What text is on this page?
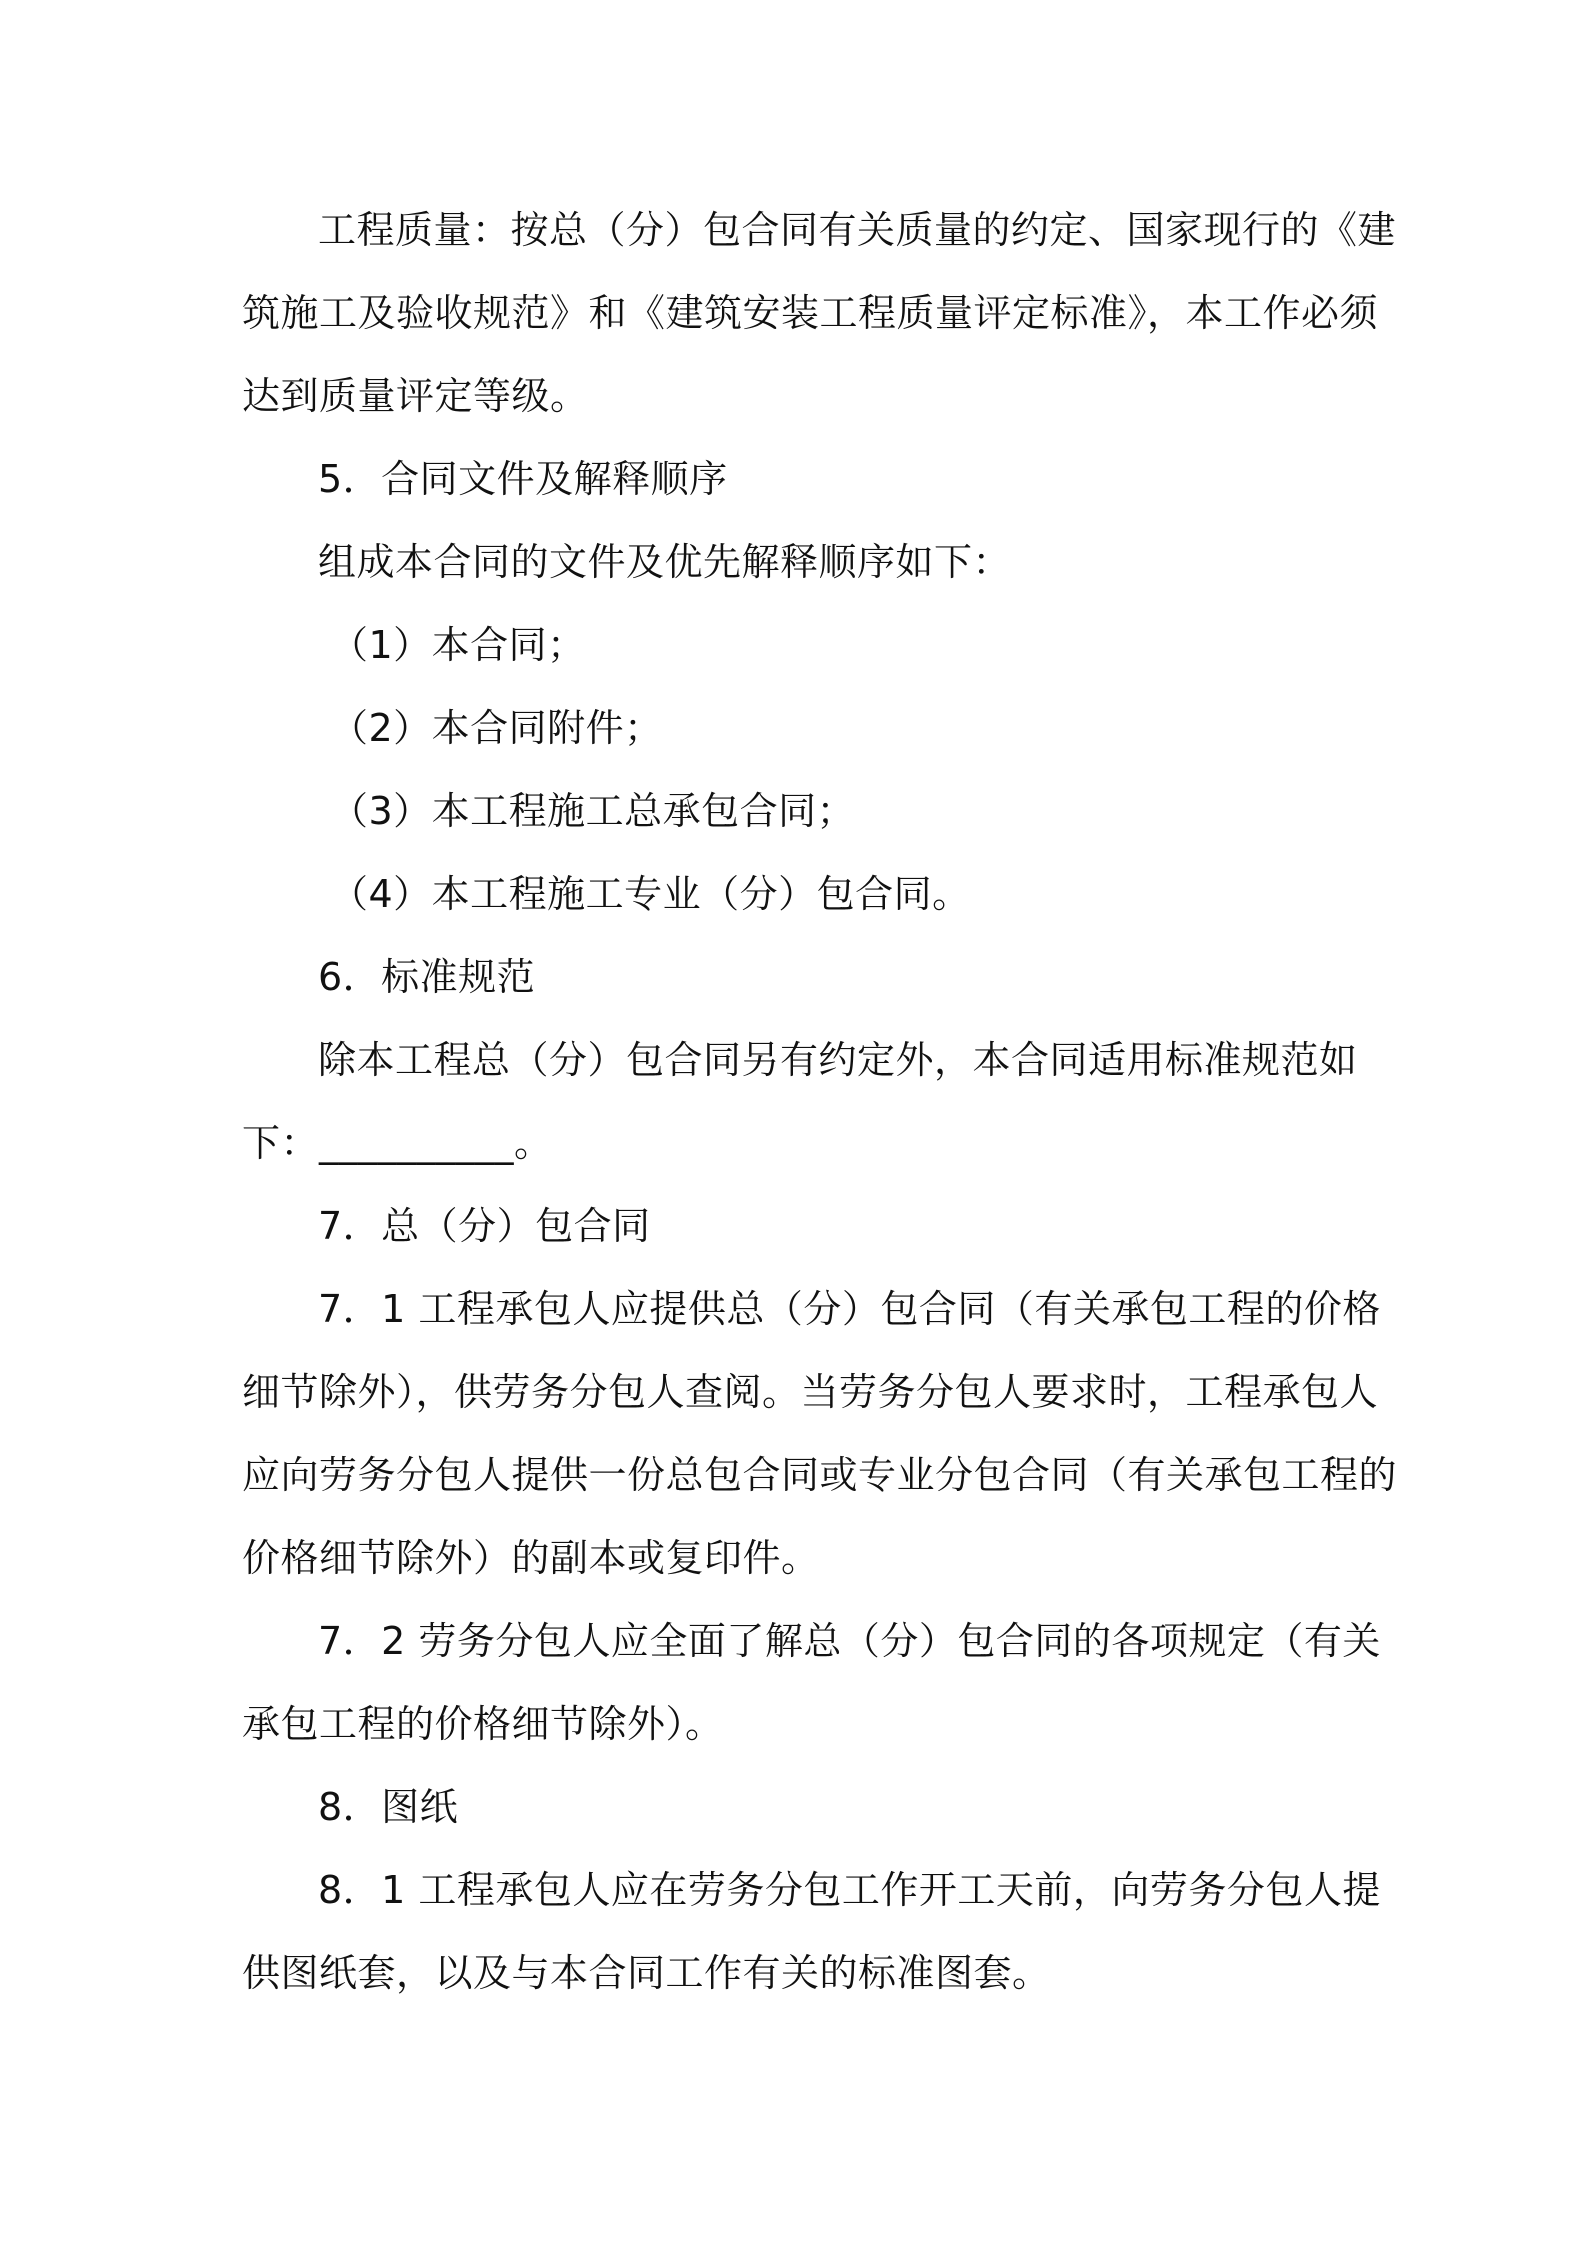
工程质量：按总（分）包合同有关质量的约定、国家现行的《建
筑施工及验收规范》和《建筑安装工程质量评定标准》，本工作必须
达到质量评定等级。
5．合同文件及解释顺序
组成本合同的文件及优先解释顺序如下：
（1）本合同；
（2）本合同附件；
（3）本工程施工总承包合同；
（4）本工程施工专业（分）包合同。
6．标准规范
除本工程总（分）包合同另有约定外，本合同适用标准规范如
下：__________。
7．总（分）包合同
7．1 工程承包人应提供总（分）包合同（有关承包工程的价格
细节除外），供劳务分包人查阅。当劳务分包人要求时，工程承包人
应向劳务分包人提供一份总包合同或专业分包合同（有关承包工程的
价格细节除外）的副本或复印件。
7．2 劳务分包人应全面了解总（分）包合同的各项规定（有关
承包工程的价格细节除外）。
8．图纸
8．1 工程承包人应在劳务分包工作开工天前，向劳务分包人提
供图纸套，以及与本合同工作有关的标准图套。
